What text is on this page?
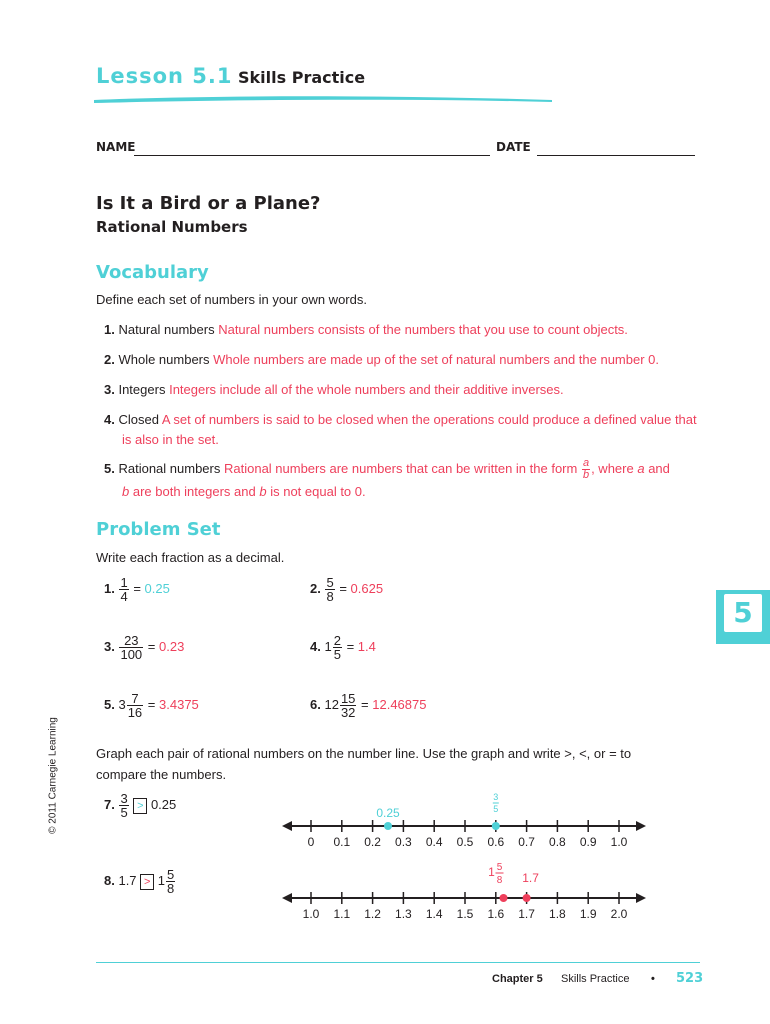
Lesson 5.1 Skills Practice
NAME	DATE
Is It a Bird or a Plane?
Rational Numbers
Vocabulary
Define each set of numbers in your own words.
1. Natural numbers Natural numbers consists of the numbers that you use to count objects.
2. Whole numbers Whole numbers are made up of the set of natural numbers and the number 0.
3. Integers Integers include all of the whole numbers and their additive inverses.
4. Closed A set of numbers is said to be closed when the operations could produce a defined value that is also in the set.
5. Rational numbers Rational numbers are numbers that can be written in the form $\frac{a}{b}$ , where a and
b are both integers and b is not equal to 0.
Problem Set
Write each fraction as a decimal.
1. $\frac{1}{4} = 0.25$	2. $\frac{5}{8} = 0.625$
3. $\frac{23}{100} = 0.23$	4. $1 \frac{2}{5} = 1.4$
5. $3 \frac{7}{16} = 3.4375$	6. $12 \frac{15}{32} = 12.46875$
Graph each pair of rational numbers on the number line. Use the graph and write >, <, or = to
compare the numbers.
7. $\frac{3}{5} > 0.25$
0 0.1 0.2 0.3 0.4 0.5 0.6 0.7 0.8 0.9 1.0
0.25
3
5
8. $1.7 > 1 \frac{5}{8}$
1.0 1.1 1.2 1.3 1.4 1.5 1.6 1.7 1.8 1.9 2.0
1 5
8 1.7
5
© 2011 Carnegie Learning
Chapter 5 Skills Practice • 523
